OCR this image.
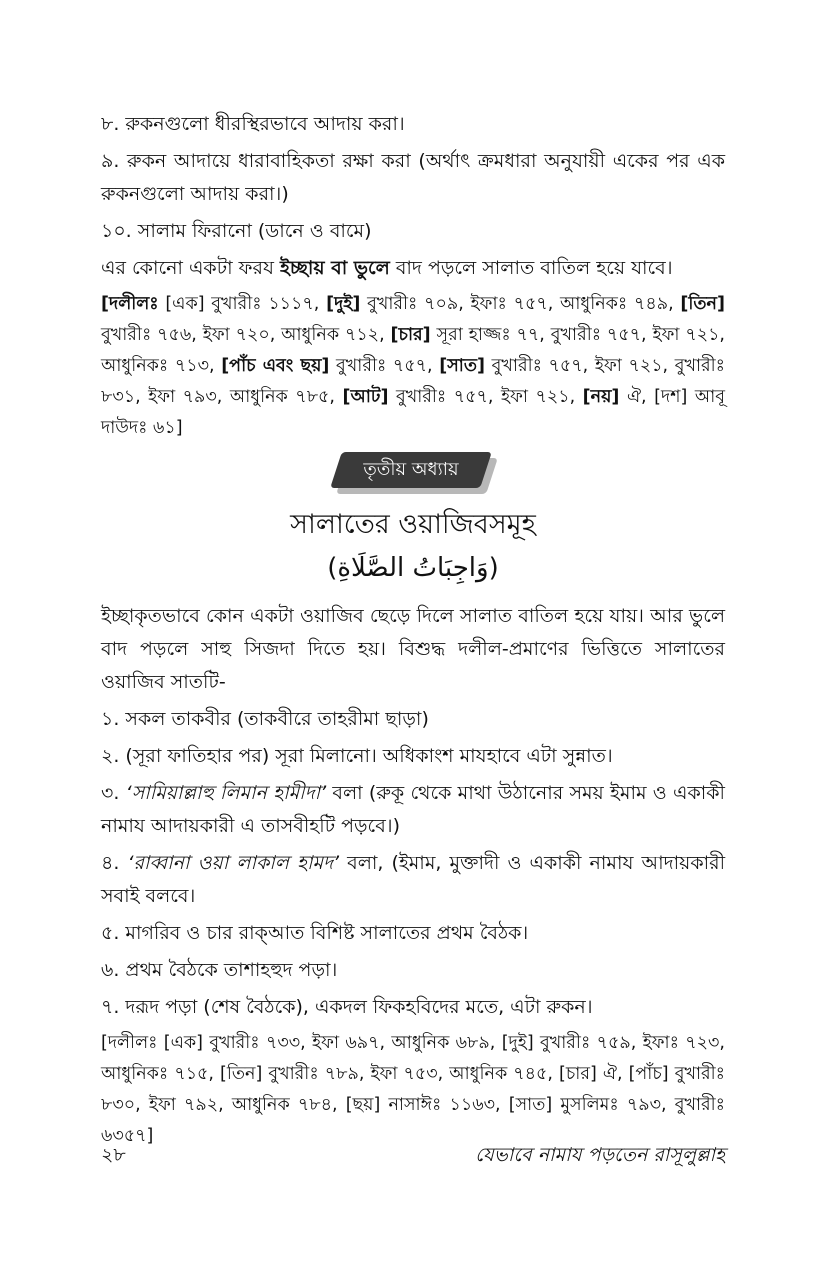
৮. রুকনগুলো ধীরস্থিরভাবে আদায় করা।

৯. রুকন আদায়ে ধারাবাহিকতা রক্ষা করা (অর্থাৎ ক্রমধারা অনুযায়ী একের পর এক রুকনগুলো আদায় করা।)

১০. সালাম ফিরানো (ডানে ও বামে)

এর কোনো একটা ফরয ইচ্ছায় বা ভুলে বাদ পড়লে সালাত বাতিল হয়ে যাবে।

[দলীলঃ [এক] বুখারীঃ ১১১৭, [দুই] বুখারীঃ ৭০৯, ইফাঃ ৭৫৭, আধুনিকঃ ৭৪৯, [তিন] বুখারীঃ ৭৫৬, ইফা ৭২০, আধুনিক ৭১২, [চার] সূরা হাজ্জঃ ৭৭, বুখারীঃ ৭৫৭, ইফা ৭২১, আধুনিকঃ ৭১৩, [পাঁচ এবং ছয়] বুখারীঃ ৭৫৭, [সাত] বুখারীঃ ৭৫৭, ইফা ৭২১, বুখারীঃ ৮৩১, ইফা ৭৯৩, আধুনিক ৭৮৫, [আট] বুখারীঃ ৭৫৭, ইফা ৭২১, [নয়] ঐ, [দশ] আবূ দাউদঃ ৬১]

তৃতীয় অধ্যায়
সালাতের ওয়াজিবসমূহ
(وَاجِبَاتُ الصَّلَاةِ)

ইচ্ছাকৃতভাবে কোন একটা ওয়াজিব ছেড়ে দিলে সালাত বাতিল হয়ে যায়। আর ভুলে বাদ পড়লে সাহু সিজদা দিতে হয়। বিশুদ্ধ দলীল-প্রমাণের ভিত্তিতে সালাতের ওয়াজিব সাতটি-

১. সকল তাকবীর (তাকবীরে তাহরীমা ছাড়া)

২. (সূরা ফাতিহার পর) সূরা মিলানো। অধিকাংশ মাযহাবে এটা সুন্নাত।

৩. ‘সামিয়াল্লাহু লিমান হামীদা’ বলা (রুকূ থেকে মাথা উঠানোর সময় ইমাম ও একাকী নামায আদায়কারী এ তাসবীহটি পড়বে।)

৪. ‘রাব্বানা ওয়া লাকাল হামদ’ বলা, (ইমাম, মুক্তাদী ও একাকী নামায আদায়কারী সবাই বলবে।

৫. মাগরিব ও চার রাক্আত বিশিষ্ট সালাতের প্রথম বৈঠক।

৬. প্রথম বৈঠকে তাশাহহুদ পড়া।

৭. দরূদ পড়া (শেষ বৈঠকে), একদল ফিকহবিদের মতে, এটা রুকন।

[দলীলঃ [এক] বুখারীঃ ৭৩৩, ইফা ৬৯৭, আধুনিক ৬৮৯, [দুই] বুখারীঃ ৭৫৯, ইফাঃ ৭২৩, আধুনিকঃ ৭১৫, [তিন] বুখারীঃ ৭৮৯, ইফা ৭৫৩, আধুনিক ৭৪৫, [চার] ঐ, [পাঁচ] বুখারীঃ ৮৩০, ইফা ৭৯২, আধুনিক ৭৮৪, [ছয়] নাসাঈঃ ১১৬৩, [সাত] মুসলিমঃ ৭৯৩, বুখারীঃ ৬৩৫৭]

২৮	যেভাবে নামায পড়তেন রাসূলুল্লাহ
